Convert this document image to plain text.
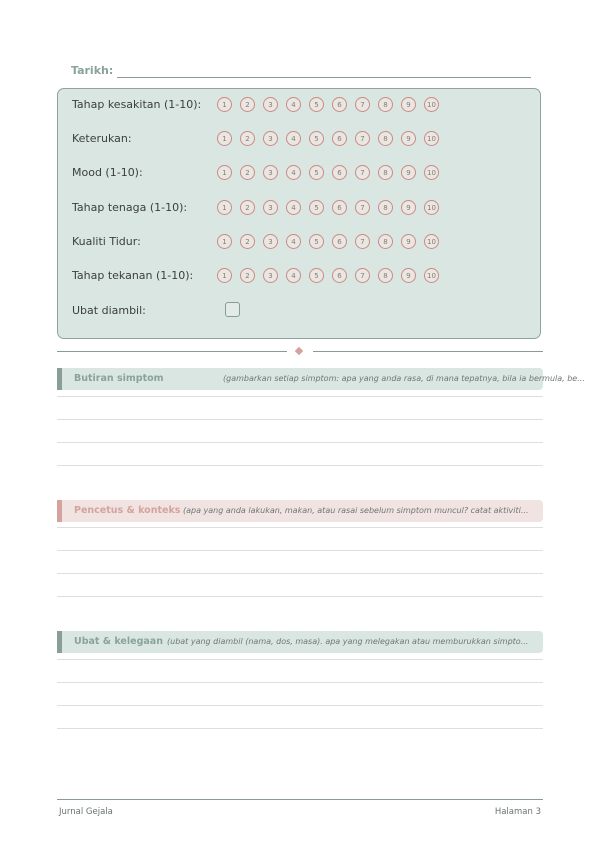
Tarikh:
Tahap kesakitan (1-10):	1	2	3	4	5	6	7	8	9	10
Keterukan:	1	2	3	4	5	6	7	8	9	10
Mood (1-10):	1	2	3	4	5	6	7	8	9	10
Tahap tenaga (1-10):	1	2	3	4	5	6	7	8	9	10
Kualiti Tidur:	1	2	3	4	5	6	7	8	9	10
Tahap tekanan (1-10):	1	2	3	4	5	6	7	8	9	10
Ubat diambil:
Butiran simptom	(gambarkan setiap simptom: apa yang anda rasa, di mana tepatnya, bila ia bermula, be...
Pencetus & konteks (apa yang anda lakukan, makan, atau rasai sebelum simptom muncul? catat aktiviti...
Ubat & kelegaan (ubat yang diambil (nama, dos, masa). apa yang melegakan atau memburukkan simpto...
Jurnal Gejala	Halaman 3
